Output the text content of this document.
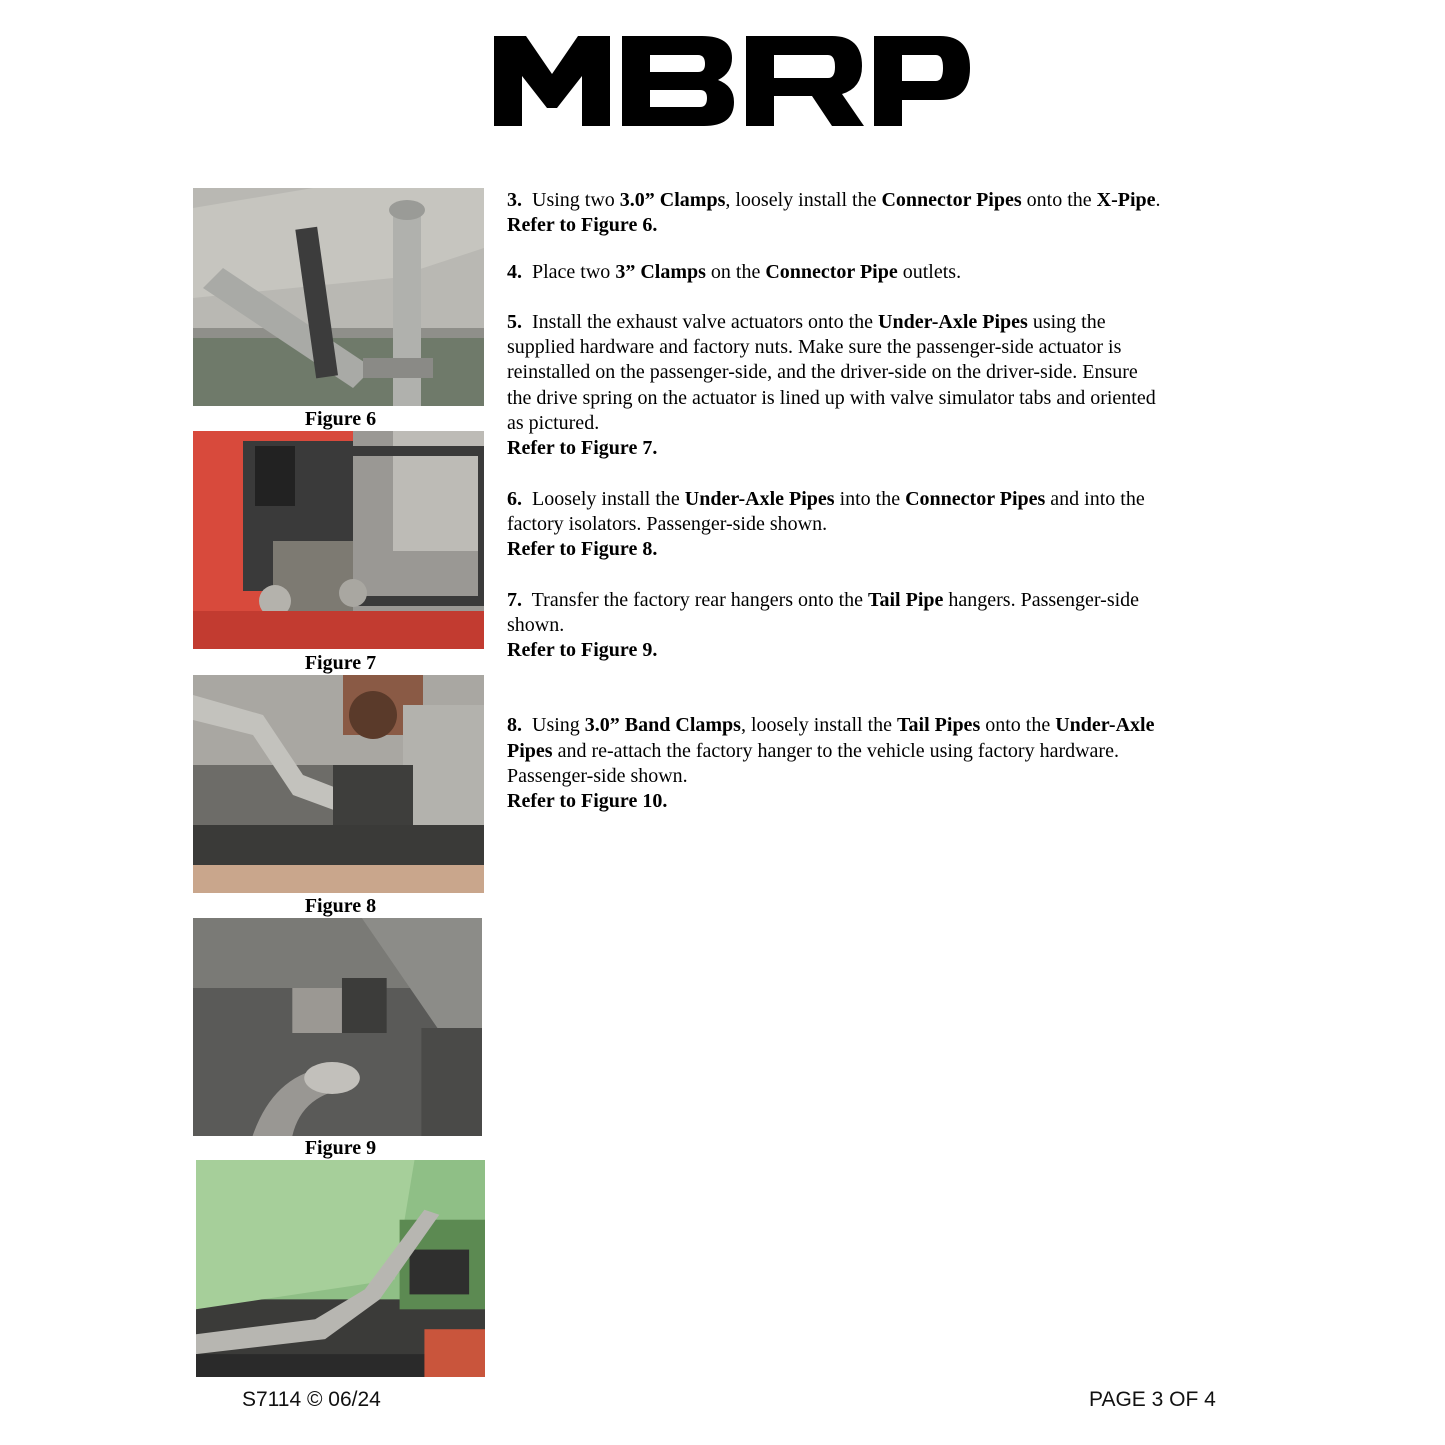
Figure 6
Figure 7
Figure 8
Figure 9

3. Using two 3.0” Clamps, loosely install the Connector Pipes onto the X-Pipe.
Refer to Figure 6.

4. Place two 3” Clamps on the Connector Pipe outlets.

5. Install the exhaust valve actuators onto the Under-Axle Pipes using the supplied hardware and factory nuts. Make sure the passenger-side actuator is reinstalled on the passenger-side, and the driver-side on the driver-side. Ensure the drive spring on the actuator is lined up with valve simulator tabs and oriented as pictured.
Refer to Figure 7.

6. Loosely install the Under-Axle Pipes into the Connector Pipes and into the factory isolators. Passenger-side shown.
Refer to Figure 8.

7. Transfer the factory rear hangers onto the Tail Pipe hangers. Passenger-side shown.
Refer to Figure 9.

8. Using 3.0” Band Clamps, loosely install the Tail Pipes onto the Under-Axle Pipes and re-attach the factory hanger to the vehicle using factory hardware. Passenger-side shown.
Refer to Figure 10.

S7114 © 06/24	PAGE 3 OF 4
